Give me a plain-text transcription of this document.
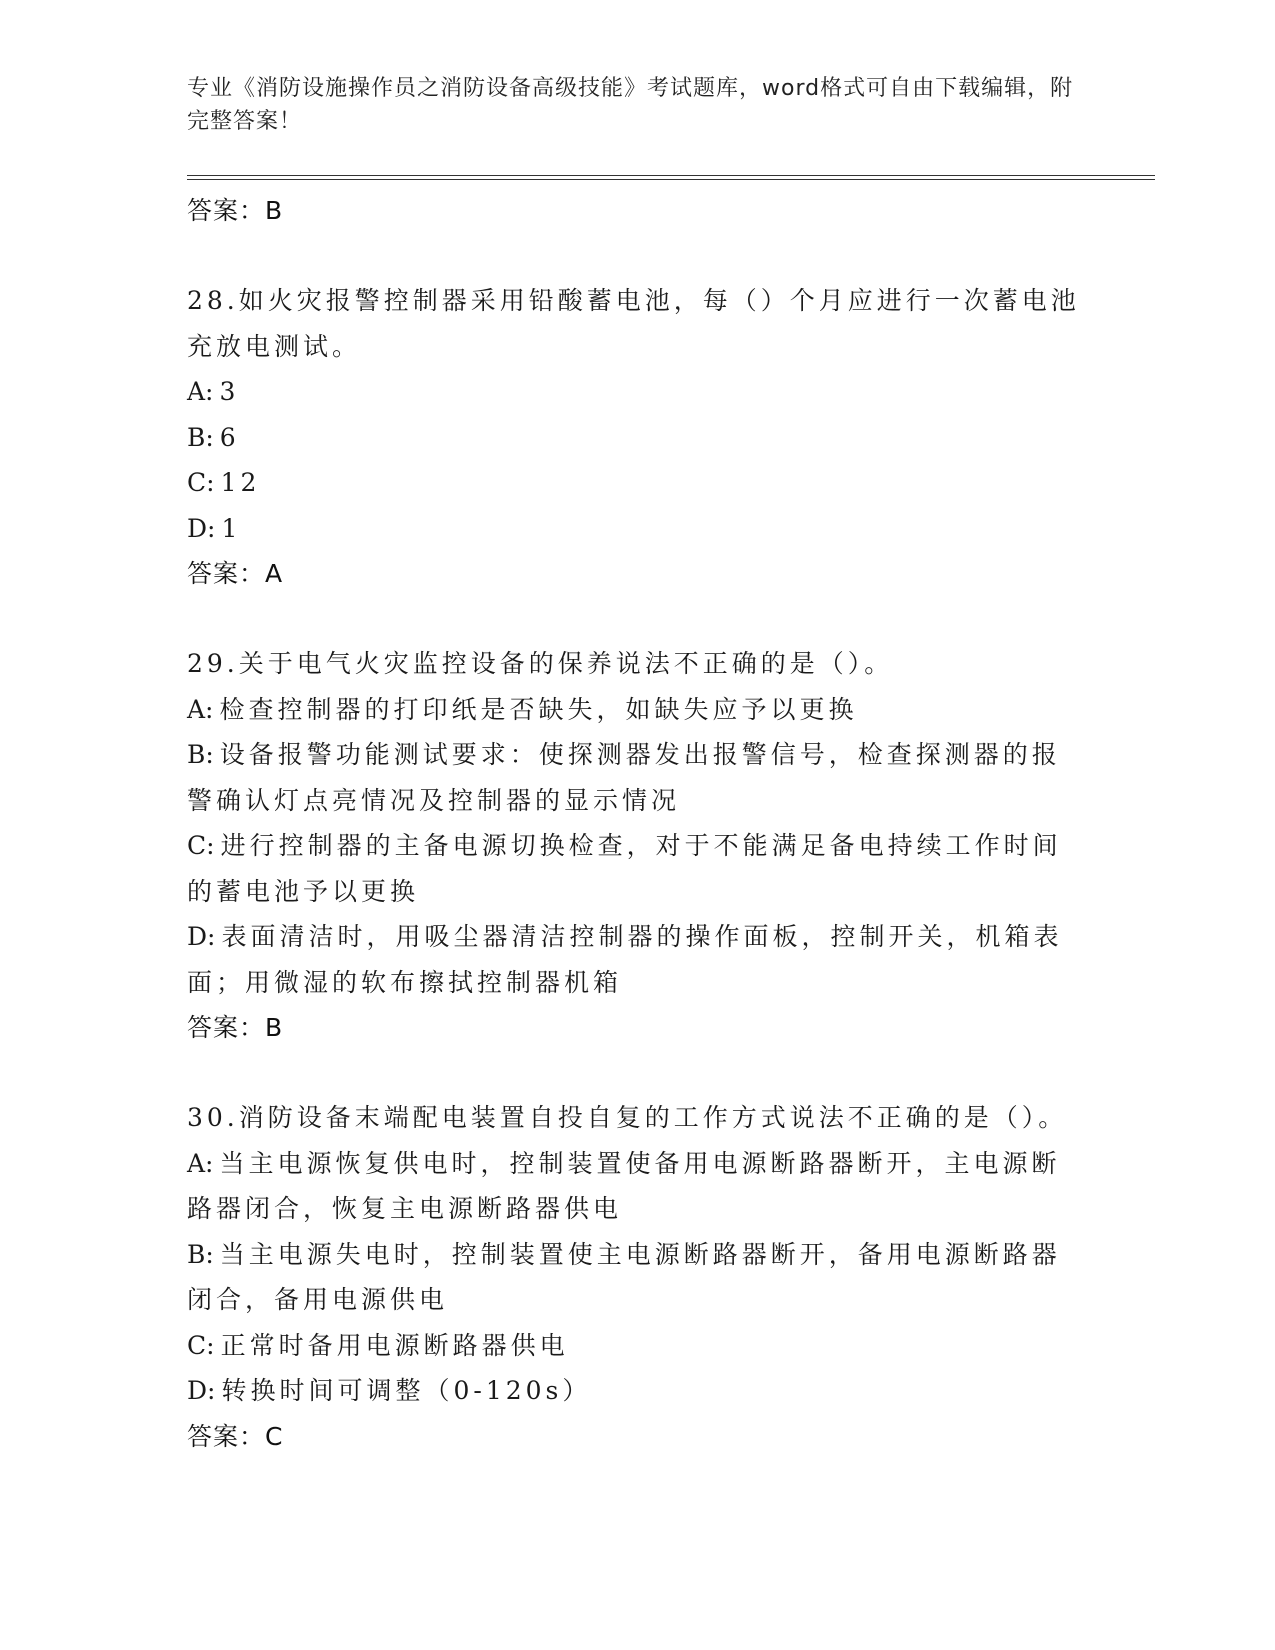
专业《消防设施操作员之消防设备高级技能》考试题库，word格式可自由下载编辑，附完整答案！
答案：B
28.如火灾报警控制器采用铅酸蓄电池，每（）个月应进行一次蓄电池充放电测试。
A: 3
B: 6
C: 12
D: 1
答案：A
29.关于电气火灾监控设备的保养说法不正确的是（）。
A: 检查控制器的打印纸是否缺失，如缺失应予以更换
B: 设备报警功能测试要求：使探测器发出报警信号，检查探测器的报警确认灯点亮情况及控制器的显示情况
C: 进行控制器的主备电源切换检查，对于不能满足备电持续工作时间的蓄电池予以更换
D: 表面清洁时，用吸尘器清洁控制器的操作面板，控制开关，机箱表面；用微湿的软布擦拭控制器机箱
答案：B
30.消防设备末端配电装置自投自复的工作方式说法不正确的是（）。
A: 当主电源恢复供电时，控制装置使备用电源断路器断开，主电源断路器闭合，恢复主电源断路器供电
B: 当主电源失电时，控制装置使主电源断路器断开，备用电源断路器闭合，备用电源供电
C: 正常时备用电源断路器供电
D: 转换时间可调整（0-120s）
答案：C
